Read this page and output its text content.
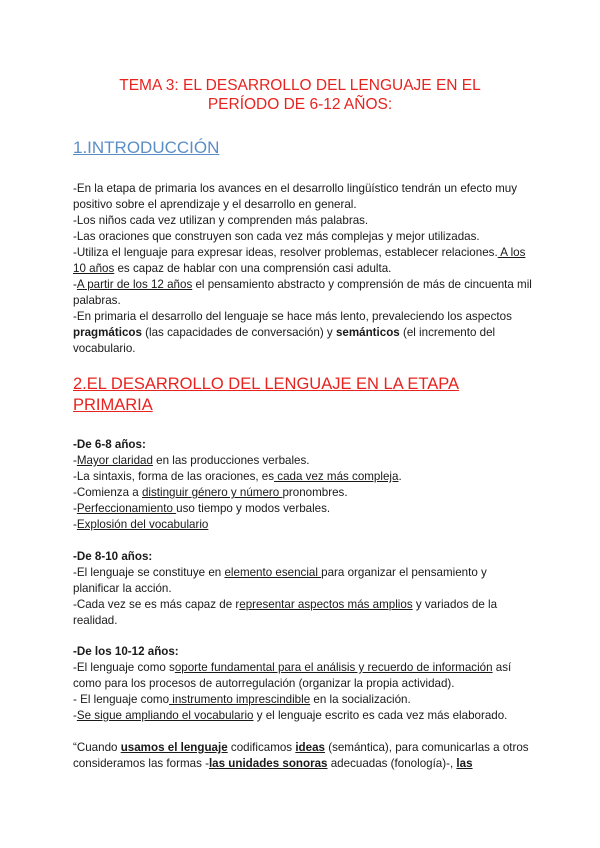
TEMA 3: EL DESARROLLO DEL LENGUAJE EN EL
PERÍODO DE 6-12 AÑOS:
1.INTRODUCCIÓN

-En la etapa de primaria los avances en el desarrollo lingüístico tendrán un efecto muy positivo sobre el aprendizaje y el desarrollo en general.

-Los niños cada vez utilizan y comprenden más palabras.

-Las oraciones que construyen son cada vez más complejas y mejor utilizadas.

-Utiliza el lenguaje para expresar ideas, resolver problemas, establecer relaciones. A los 10 años es capaz de hablar con una comprensión casi adulta.

-A partir de los 12 años el pensamiento abstracto y comprensión de más de cincuenta mil palabras.

-En primaria el desarrollo del lenguaje se hace más lento, prevaleciendo los aspectos pragmáticos (las capacidades de conversación) y semánticos (el incremento del vocabulario.

2.EL DESARROLLO DEL LENGUAJE EN LA ETAPA PRIMARIA

-De 6-8 años:

-Mayor claridad en las producciones verbales.

-La sintaxis, forma de las oraciones, es cada vez más compleja.

-Comienza a distinguir género y número pronombres.

-Perfeccionamiento uso tiempo y modos verbales.

-Explosión del vocabulario

-De 8-10 años:

-El lenguaje se constituye en elemento esencial para organizar el pensamiento y planificar la acción.

-Cada vez se es más capaz de representar aspectos más amplios y variados de la realidad.

-De los 10-12 años:

-El lenguaje como soporte fundamental para el análisis y recuerdo de información así como para los procesos de autorregulación (organizar la propia actividad).

- El lenguaje como instrumento imprescindible en la socialización.

-Se sigue ampliando el vocabulario y el lenguaje escrito es cada vez más elaborado.

“Cuando usamos el lenguaje codificamos ideas (semántica), para comunicarlas a otros consideramos las formas -las unidades sonoras adecuadas (fonología)-, las
